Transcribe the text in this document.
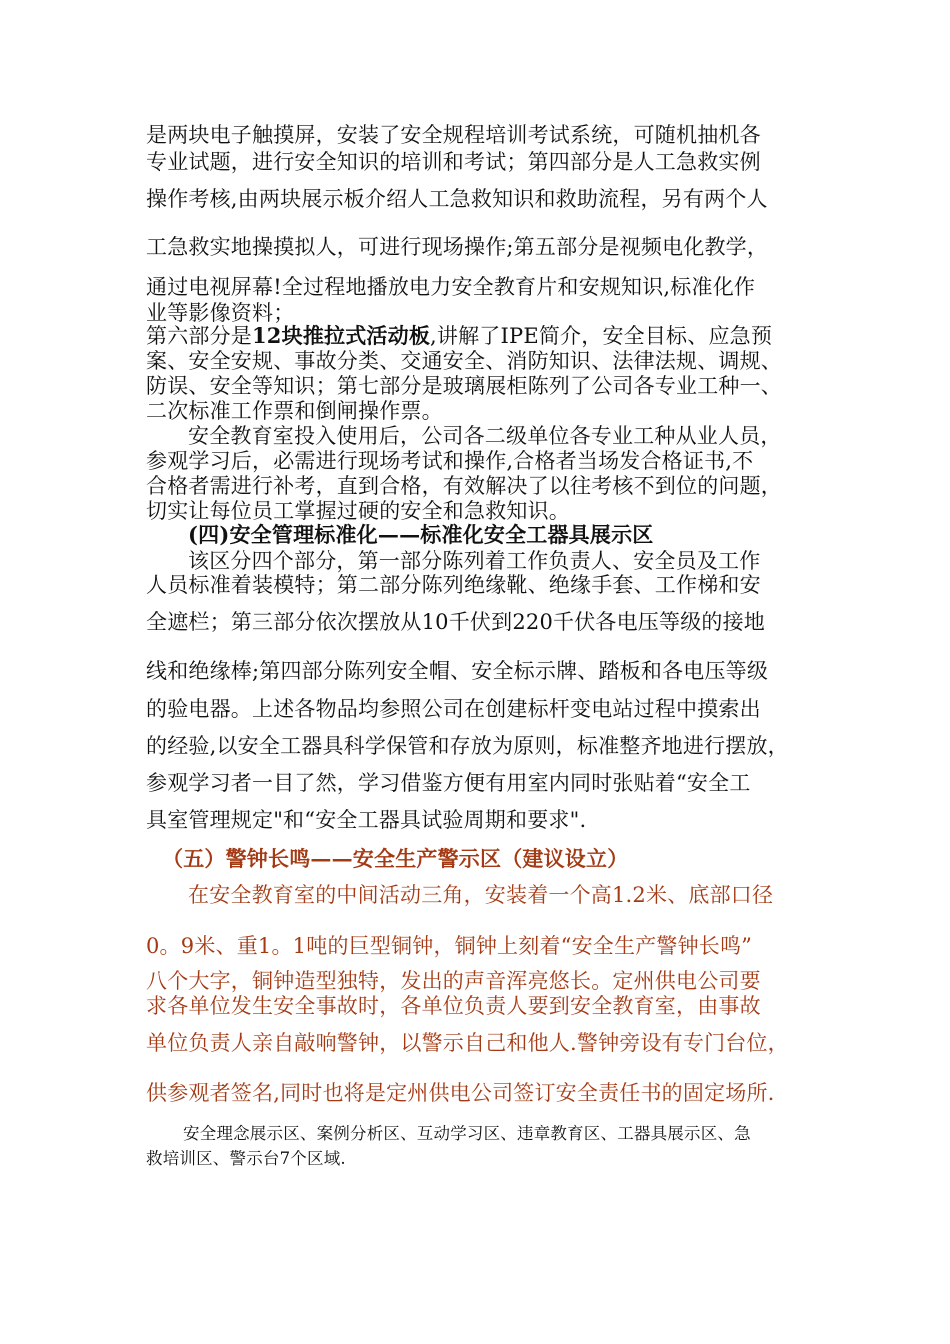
是两块电子触摸屏，安装了安全规程培训考试系统，可随机抽机各
专业试题，进行安全知识的培训和考试；第四部分是人工急救实例
操作考核,由两块展示板介绍人工急救知识和救助流程，另有两个人
工急救实地操摸拟人，可进行现场操作;第五部分是视频电化教学，
通过电视屏幕!全过程地播放电力安全教育片和安规知识,标准化作
业等影像资料；
第六部分是12块推拉式活动板,讲解了IPE简介，安全目标、应急预
案、安全安规、事故分类、交通安全、消防知识、法律法规、调规、
防误、安全等知识；第七部分是玻璃展柜陈列了公司各专业工种一、
二次标准工作票和倒闸操作票。
安全教育室投入使用后，公司各二级单位各专业工种从业人员，
参观学习后，必需进行现场考试和操作,合格者当场发合格证书,不
合格者需进行补考，直到合格，有效解决了以往考核不到位的问题，
切实让每位员工掌握过硬的安全和急救知识。
(四)安全管理标准化——标准化安全工器具展示区
该区分四个部分，第一部分陈列着工作负责人、安全员及工作
人员标准着装模特；第二部分陈列绝缘靴、绝缘手套、工作梯和安
全遮栏；第三部分依次摆放从10千伏到220千伏各电压等级的接地
线和绝缘棒;第四部分陈列安全帽、安全标示牌、踏板和各电压等级
的验电器。上述各物品均参照公司在创建标杆变电站过程中摸索出
的经验,以安全工器具科学保管和存放为原则，标准整齐地进行摆放，
参观学习者一目了然，学习借鉴方便有用室内同时张贴着“安全工
具室管理规定"和“安全工器具试验周期和要求".
（五）警钟长鸣——安全生产警示区（建议设立）
在安全教育室的中间活动三角，安装着一个高1.2米、底部口径
0。9米、重1。1吨的巨型铜钟，铜钟上刻着“安全生产警钟长鸣”
八个大字，铜钟造型独特，发出的声音浑亮悠长。定州供电公司要
求各单位发生安全事故时，各单位负责人要到安全教育室，由事故
单位负责人亲自敲响警钟，以警示自己和他人.警钟旁设有专门台位，
供参观者签名,同时也将是定州供电公司签订安全责任书的固定场所.
安全理念展示区、案例分析区、互动学习区、违章教育区、工器具展示区、急
救培训区、警示台7个区域.
